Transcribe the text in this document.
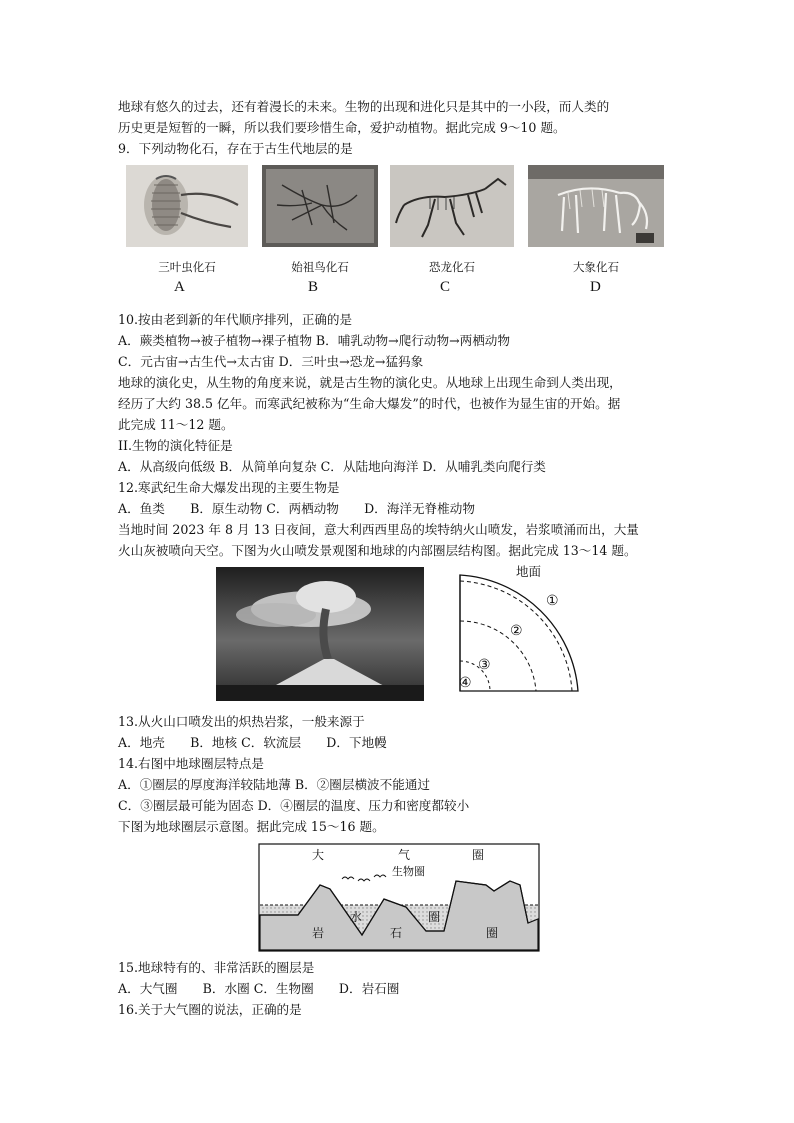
地球有悠久的过去，还有着漫长的未来。生物的出现和进化只是其中的一小段，而人类的
历史更是短暂的一瞬，所以我们要珍惜生命，爱护动植物。据此完成 9～10 题。
9．下列动物化石，存在于古生代地层的是
三叶虫化石	始祖鸟化石	恐龙化石	大象化石
A	B	C	D
10.按由老到新的年代顺序排列，正确的是
A．蕨类植物→被子植物→裸子植物 B．哺乳动物→爬行动物→两栖动物
C．元古宙→古生代→太古宙 D．三叶虫→恐龙→猛犸象
地球的演化史，从生物的角度来说，就是古生物的演化史。从地球上出现生命到人类出现，
经历了大约 38.5 亿年。而寒武纪被称为“生命大爆发”的时代，也被作为显生宙的开始。据
此完成 11～12 题。
II.生物的演化特征是
A．从高级向低级 B．从简单向复杂 C．从陆地向海洋 D．从哺乳类向爬行类
12.寒武纪生命大爆发出现的主要生物是
A．鱼类　　B．原生动物 C．两栖动物　　D．海洋无脊椎动物
当地时间 2023 年 8 月 13 日夜间，意大利西西里岛的埃特纳火山喷发，岩浆喷涌而出，大量
火山灰被喷向天空。下图为火山喷发景观图和地球的内部圈层结构图。据此完成 13～14 题。
地面
①
②
③
④
13.从火山口喷发出的炽热岩浆，一般来源于
A．地壳　　B．地核 C．软流层　　D．下地幔
14.右图中地球圈层特点是
A．①圈层的厚度海洋较陆地薄 B．②圈层横波不能通过
C．③圈层最可能为固态 D．④圈层的温度、压力和密度都较小
下图为地球圈层示意图。据此完成 15～16 题。
大	气	圈
生物圈
水
岩	石
圈
圈
15.地球特有的、非常活跃的圈层是
A．大气圈　　B．水圈 C．生物圈　　D．岩石圈
16.关于大气圈的说法，正确的是
